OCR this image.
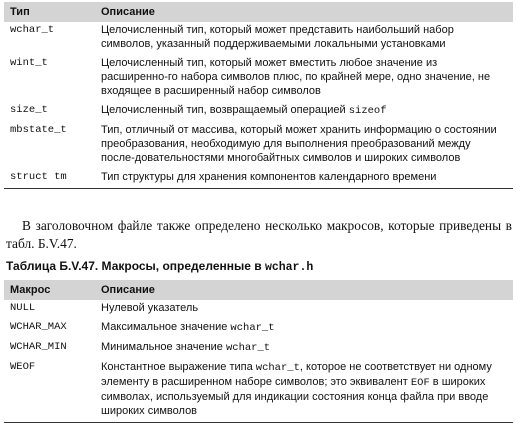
Тип	Описание
wchar_t	Целочисленный тип, который может представить наибольший набор символов, указанный поддерживаемыми локальными установками
wint_t	Целочисленный тип, который может вместить любое значение из расширенно-го набора символов плюс, по крайней мере, одно значение, не входящее в расширенный набор символов
size_t	Целочисленный тип, возвращаемый операцией sizeof
mbstate_t	Тип, отличный от массива, который может хранить информацию о состоянии преобразования, необходимую для выполнения преобразований между после-довательностями многобайтных символов и широких символов
struct tm	Тип структуры для хранения компонентов календарного времени

В заголовочном файле также определено несколько макросов, которые приведены в табл. Б.V.47.

Таблица Б.V.47. Макросы, определенные в wchar.h
Макрос	Описание
NULL	Нулевой указатель
WCHAR_MAX	Максимальное значение wchar_t
WCHAR_MIN	Минимальное значение wchar_t
WEOF	Константное выражение типа wchar_t, которое не соответствует ни одному элементу в расширенном наборе символов; это эквивалент EOF в широких символах, используемый для индикации состояния конца файла при вводе широких символов
